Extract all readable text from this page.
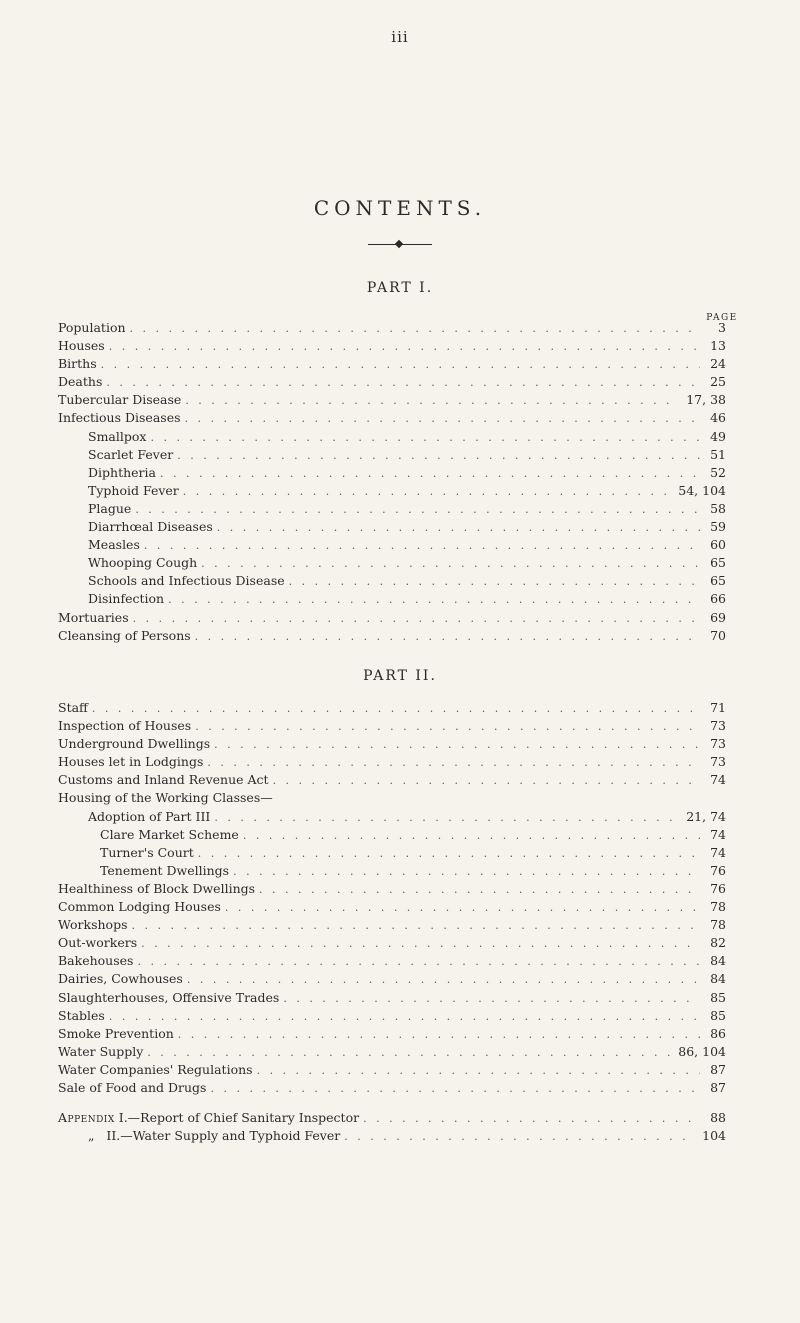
iii
CONTENTS.
PART I.
PAGE
Population . . .	3
Houses . . .	13
Births . . .	24
Deaths . . .	25
Tubercular Disease . . .	17, 38
Infectious Diseases . . .	46
Smallpox . . .	49
Scarlet Fever . . .	51
Diphtheria . . .	52
Typhoid Fever . . .	54, 104
Plague . . .	58
Diarrhœal Diseases . . .	59
Measles . . .	60
Whooping Cough . . .	65
Schools and Infectious Disease . . .	65
Disinfection . . .	66
Mortuaries . . .	69
Cleansing of Persons . . .	70
PART II.
Staff . . .	71
Inspection of Houses . . .	73
Underground Dwellings . . .	73
Houses let in Lodgings . . .	73
Customs and Inland Revenue Act . . .	74
Housing of the Working Classes—
Adoption of Part III . . .	21, 74
Clare Market Scheme . . .	74
Turner's Court . . .	74
Tenement Dwellings . . .	76
Healthiness of Block Dwellings . . .	76
Common Lodging Houses . . .	78
Workshops . . .	78
Out-workers . . .	82
Bakehouses . . .	84
Dairies, Cowhouses . . .	84
Slaughterhouses, Offensive Trades . . .	85
Stables . . .	85
Smoke Prevention . . .	86
Water Supply . . .	86, 104
Water Companies' Regulations . . .	87
Sale of Food and Drugs . . .	87
Appendix I.—Report of Chief Sanitary Inspector . . .	88
„ II.—Water Supply and Typhoid Fever . . .	104
